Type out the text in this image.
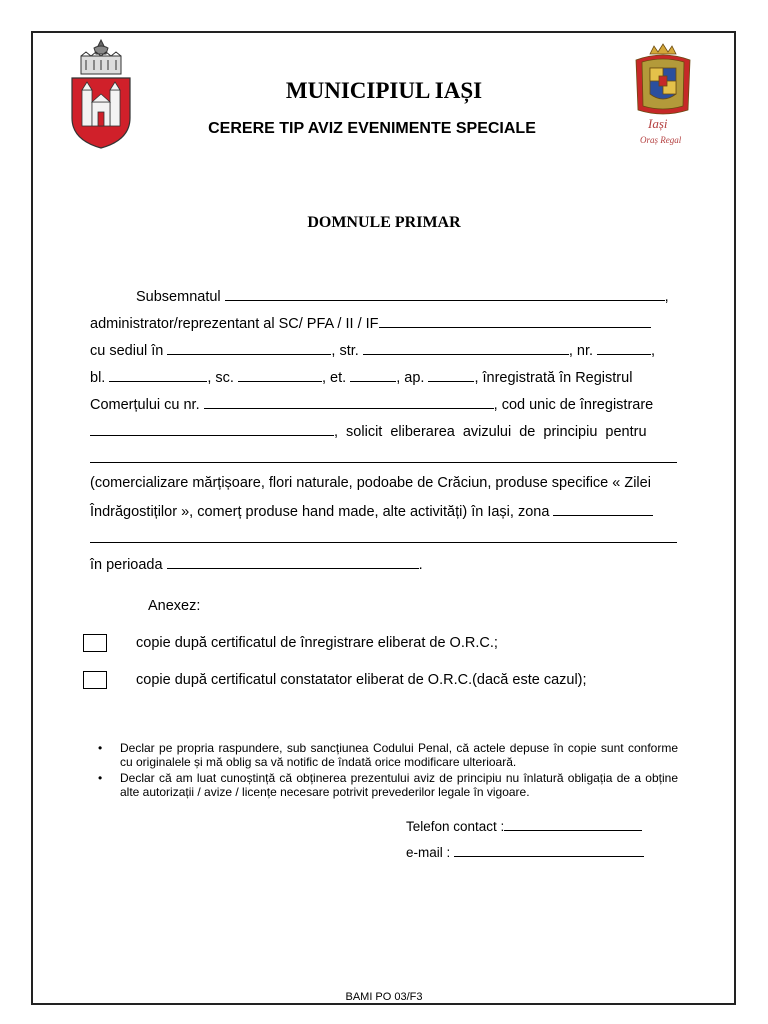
Iași
Oraș Regal
MUNICIPIUL IAȘI
CERERE TIP AVIZ EVENIMENTE SPECIALE
DOMNULE PRIMAR
Subsemnatul	,
administrator/reprezentant al SC/ PFA / II / IF
cu sediul în	, str.	, nr.	,
bl.	, sc.	, et.	, ap.	, înregistrată în Registrul
Comerțului cu nr.	, cod unic de înregistrare
, solicit eliberarea avizului de principiu pentru
(comercializare mărțișoare, flori naturale, podoabe de Crăciun, produse specifice « Zilei
Îndrăgostiților », comerț produse hand made, alte activități) în Iași, zona
în perioada	.
Anexez:
copie după certificatul de înregistrare eliberat de O.R.C.;
copie după certificatul constatator eliberat de O.R.C.(dacă este cazul);
• Declar pe propria raspundere, sub sancțiunea Codului Penal, că actele depuse în copie sunt conforme cu originalele și mă oblig sa vă notific de îndată orice modificare ulterioară.
• Declar că am luat cunoștință că obținerea prezentului aviz de principiu nu înlatură obligația de a obține alte autorizații / avize / licențe necesare potrivit prevederilor legale în vigoare.
Telefon contact :
e-mail :
BAMI PO 03/F3
